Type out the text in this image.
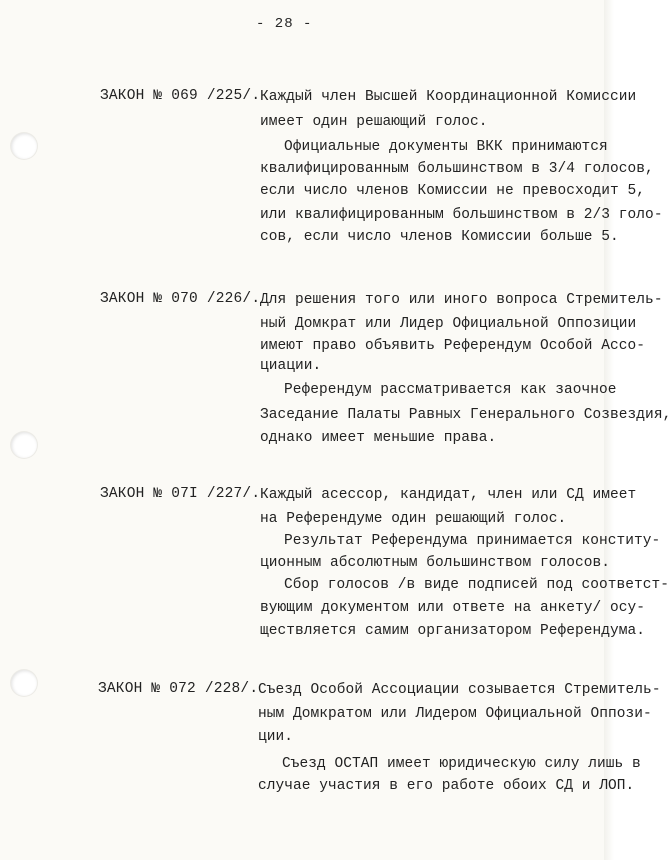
- 28 -
ЗАКОН № 069 /225/. Каждый член Высшей Координационной Комиссии
имеет один решающий голос.
Официальные документы ВКК принимаются
квалифицированным большинством в 3/4 голосов,
если число членов Комиссии не превосходит 5,
или квалифицированным большинством в 2/3 голо-
сов, если число членов Комиссии больше 5.
ЗАКОН № 070 /226/. Для решения того или иного вопроса Стремитель-
ный Домкрат или Лидер Официальной Оппозиции
имеют право объявить Референдум Особой Ассо-
циации.
Референдум рассматривается как заочное
Заседание Палаты Равных Генерального Созвездия,
однако имеет меньшие права.
ЗАКОН № 07I /227/. Каждый асессор, кандидат, член или СД имеет
на Референдуме один решающий голос.
Результат Референдума принимается конститу-
ционным абсолютным большинством голосов.
Сбор голосов /в виде подписей под соответст-
вующим документом или ответе на анкету/ осу-
ществляется самим организатором Референдума.
ЗАКОН № 072 /228/. Съезд Особой Ассоциации созывается Стремитель-
ным Домкратом или Лидером Официальной Оппози-
ции.
Съезд ОСТАП имеет юридическую силу лишь в
случае участия в его работе обоих СД и ЛОП.
